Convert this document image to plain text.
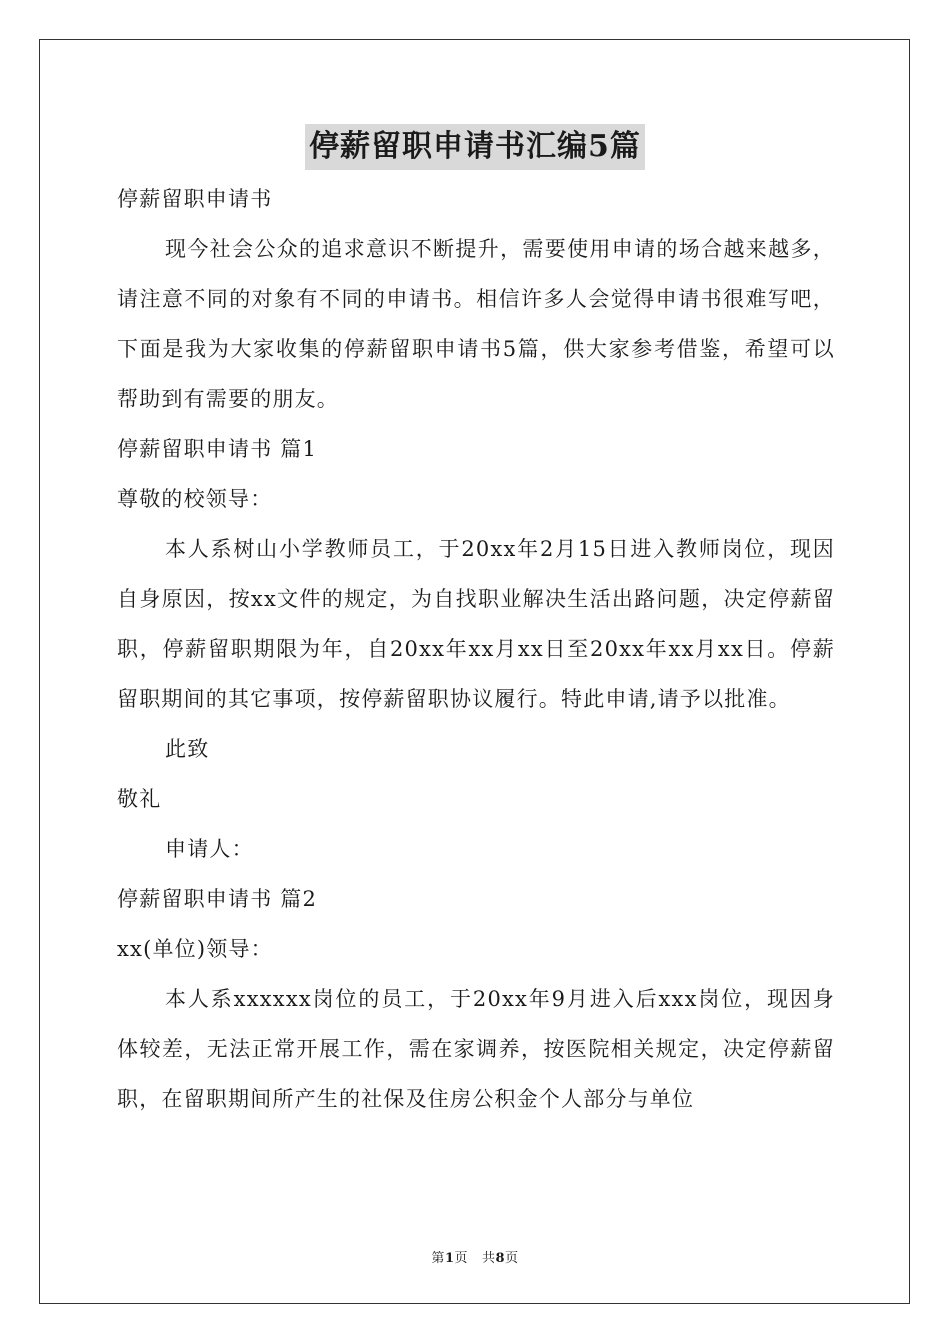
停薪留职申请书汇编5篇

停薪留职申请书

现今社会公众的追求意识不断提升，需要使用申请的场合越来越多，请注意不同的对象有不同的申请书。相信许多人会觉得申请书很难写吧，下面是我为大家收集的停薪留职申请书5篇，供大家参考借鉴，希望可以帮助到有需要的朋友。

停薪留职申请书 篇1

尊敬的校领导：

本人系树山小学教师员工，于20xx年2月15日进入教师岗位，现因自身原因，按xx文件的规定，为自找职业解决生活出路问题，决定停薪留职，停薪留职期限为年，自20xx年xx月xx日至20xx年xx月xx日。停薪留职期间的其它事项，按停薪留职协议履行。特此申请,请予以批准。

此致

敬礼

申请人：

停薪留职申请书 篇2

xx(单位)领导：

本人系xxxxxx岗位的员工，于20xx年9月进入后xxx岗位，现因身体较差，无法正常开展工作，需在家调养，按医院相关规定，决定停薪留职，在留职期间所产生的社保及住房公积金个人部分与单位

第1页 共8页
